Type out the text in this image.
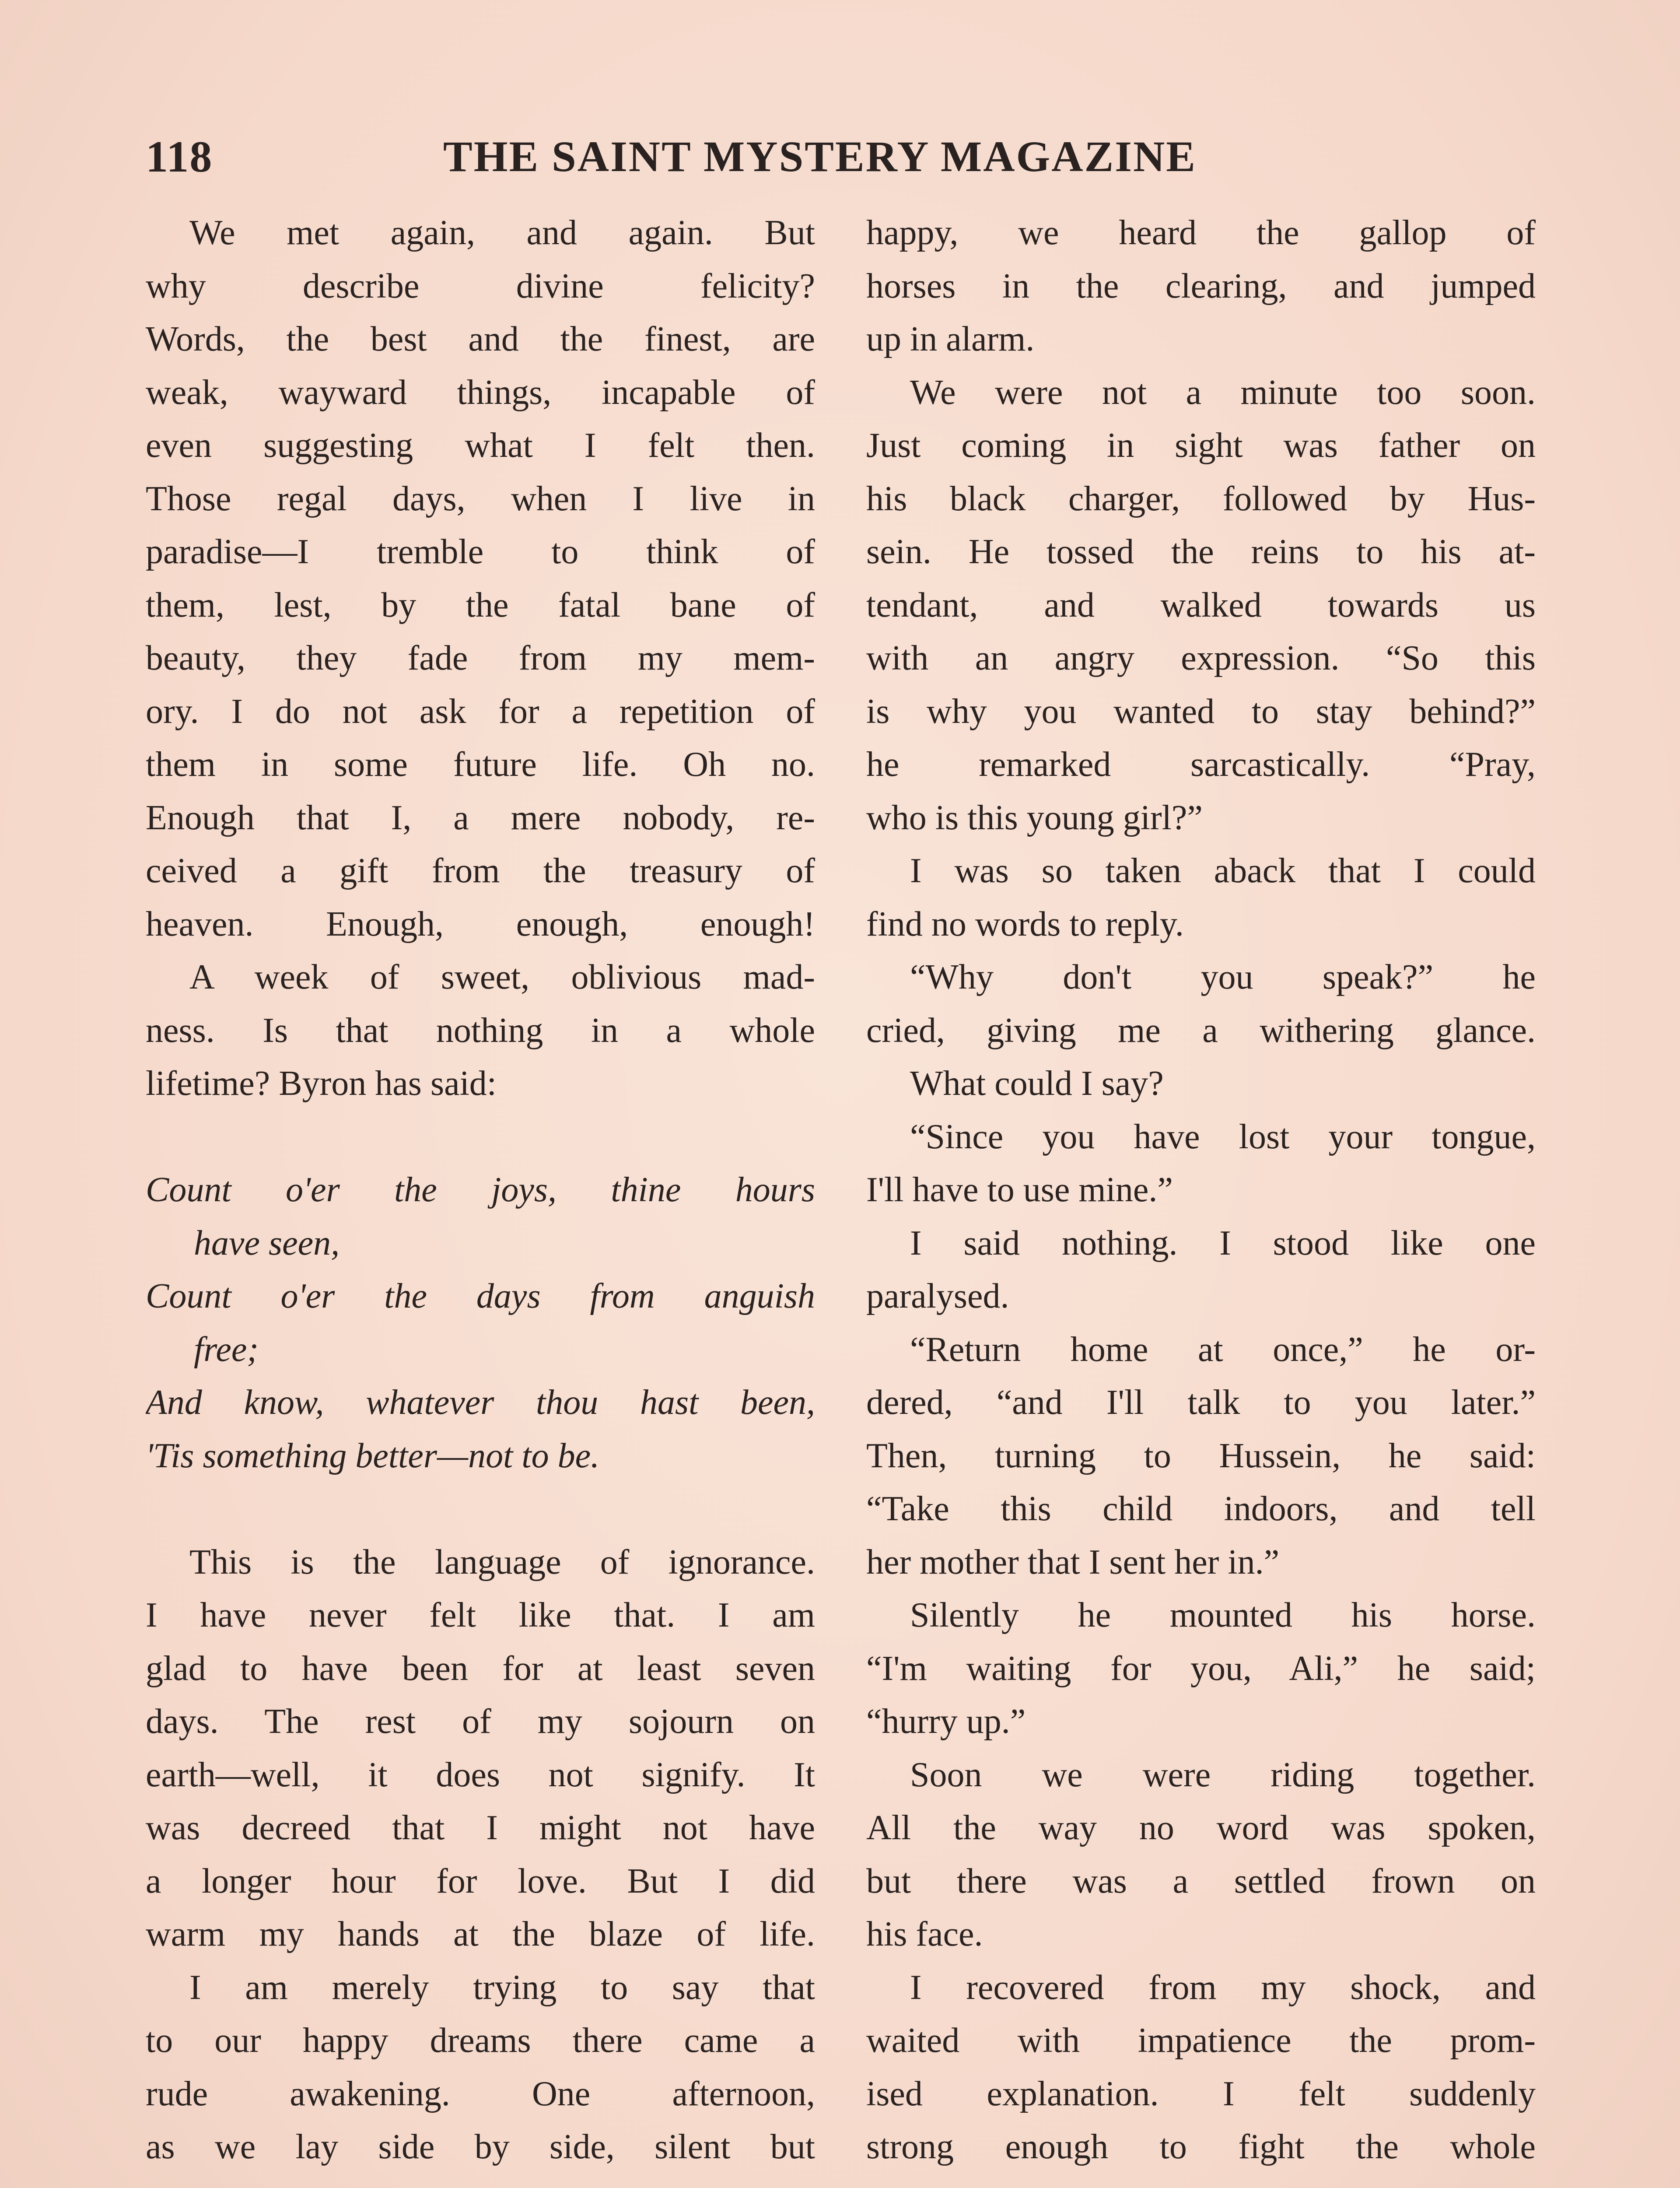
118	THE SAINT MYSTERY MAGAZINE
We met again, and again. But
why describe divine felicity?
Words, the best and the finest, are
weak, wayward things, incapable of
even suggesting what I felt then.
Those regal days, when I live in
paradise—I tremble to think of
them, lest, by the fatal bane of
beauty, they fade from my mem-
ory. I do not ask for a repetition of
them in some future life. Oh no.
Enough that I, a mere nobody, re-
ceived a gift from the treasury of
heaven. Enough, enough, enough!
A week of sweet, oblivious mad-
ness. Is that nothing in a whole
lifetime? Byron has said:
Count o'er the joys, thine hours
have seen,
Count o'er the days from anguish
free;
And know, whatever thou hast been,
'Tis something better—not to be.
This is the language of ignorance.
I have never felt like that. I am
glad to have been for at least seven
days. The rest of my sojourn on
earth—well, it does not signify. It
was decreed that I might not have
a longer hour for love. But I did
warm my hands at the blaze of life.
I am merely trying to say that
to our happy dreams there came a
rude awakening. One afternoon,
as we lay side by side, silent but
happy, we heard the gallop of
horses in the clearing, and jumped
up in alarm.
We were not a minute too soon.
Just coming in sight was father on
his black charger, followed by Hus-
sein. He tossed the reins to his at-
tendant, and walked towards us
with an angry expression. “So this
is why you wanted to stay behind?”
he remarked sarcastically. “Pray,
who is this young girl?”
I was so taken aback that I could
find no words to reply.
“Why don't you speak?” he
cried, giving me a withering glance.
What could I say?
“Since you have lost your tongue,
I'll have to use mine.”
I said nothing. I stood like one
paralysed.
“Return home at once,” he or-
dered, “and I'll talk to you later.”
Then, turning to Hussein, he said:
“Take this child indoors, and tell
her mother that I sent her in.”
Silently he mounted his horse.
“I'm waiting for you, Ali,” he said;
“hurry up.”
Soon we were riding together.
All the way no word was spoken,
but there was a settled frown on
his face.
I recovered from my shock, and
waited with impatience the prom-
ised explanation. I felt suddenly
strong enough to fight the whole
